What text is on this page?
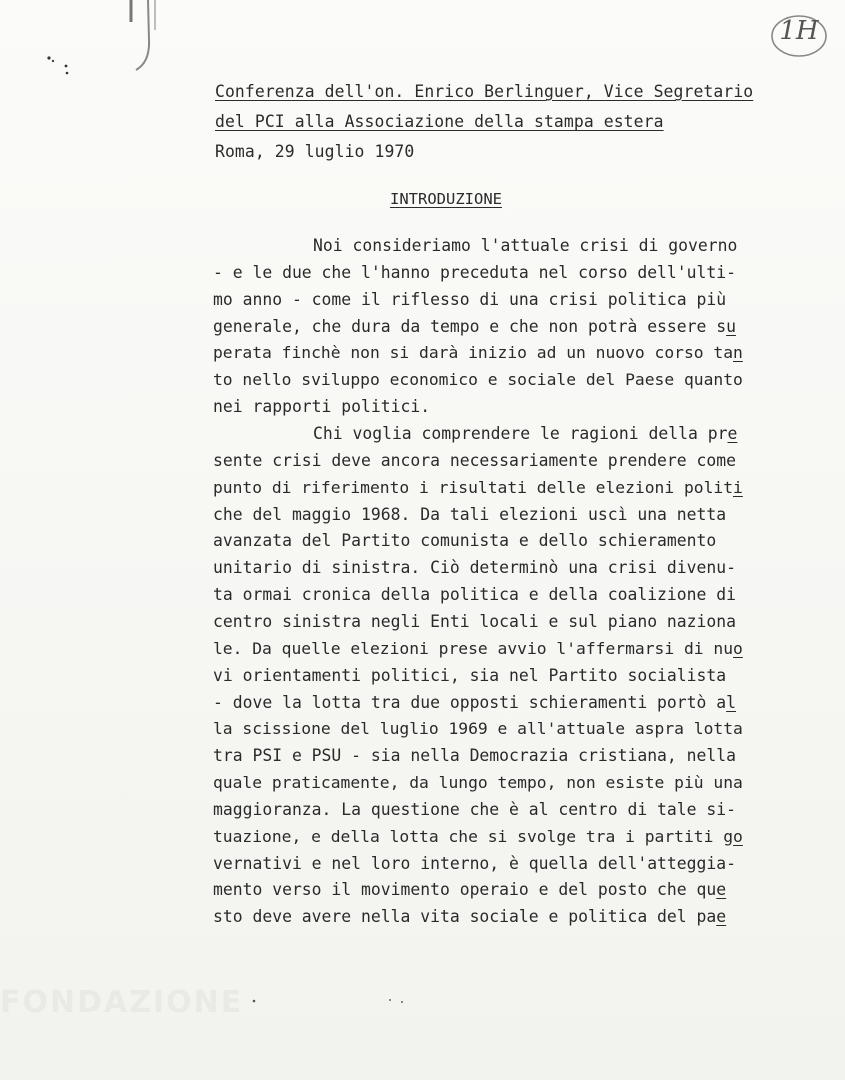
1H
Conferenza dell'on. Enrico Berlinguer, Vice Segretario
del PCI alla Associazione della stampa estera
Roma, 29 luglio 1970
INTRODUZIONE
Noi consideriamo l'attuale crisi di governo
- e le due che l'hanno preceduta nel corso dell'ulti-
mo anno - come il riflesso di una crisi politica più
generale, che dura da tempo e che non potrà essere su
perata finchè non si darà inizio ad un nuovo corso tan
to nello sviluppo economico e sociale del Paese quanto
nei rapporti politici.
Chi voglia comprendere le ragioni della pre
sente crisi deve ancora necessariamente prendere come
punto di riferimento i risultati delle elezioni politi
che del maggio 1968. Da tali elezioni uscì una netta
avanzata del Partito comunista e dello schieramento
unitario di sinistra. Ciò determinò una crisi divenu-
ta ormai cronica della politica e della coalizione di
centro sinistra negli Enti locali e sul piano naziona
le. Da quelle elezioni prese avvio l'affermarsi di nuo
vi orientamenti politici, sia nel Partito socialista
- dove la lotta tra due opposti schieramenti portò al
la scissione del luglio 1969 e all'attuale aspra lotta
tra PSI e PSU - sia nella Democrazia cristiana, nella
quale praticamente, da lungo tempo, non esiste più una
maggioranza. La questione che è al centro di tale si-
tuazione, e della lotta che si svolge tra i partiti go
vernativi e nel loro interno, è quella dell'atteggia-
mento verso il movimento operaio e del posto che que
sto deve avere nella vita sociale e politica del pae
FONDAZIONE
